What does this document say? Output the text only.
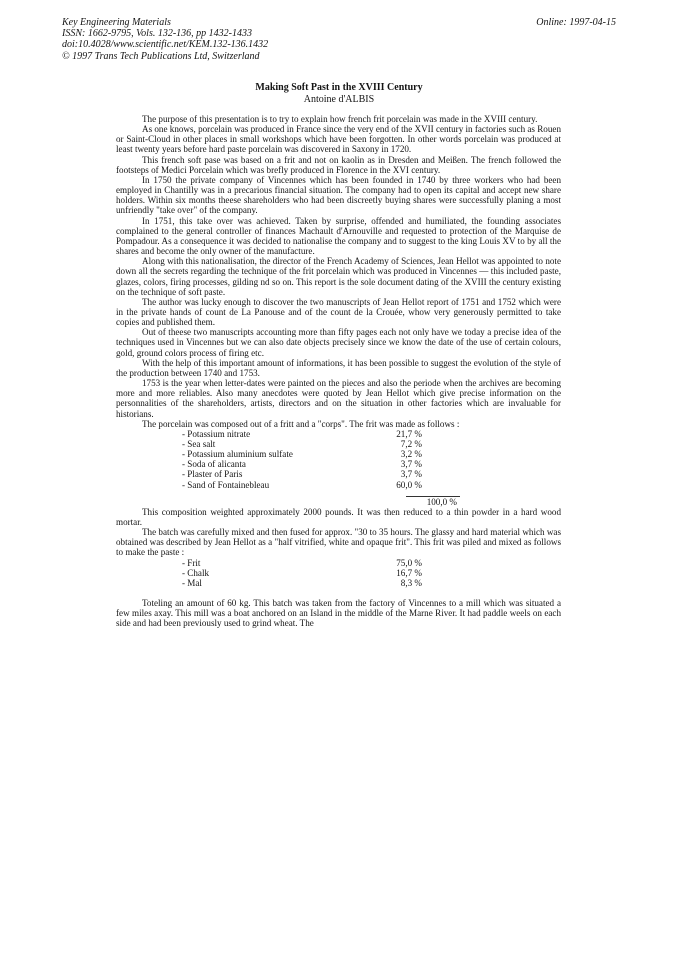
Key Engineering Materials
ISSN: 1662-9795, Vols. 132-136, pp 1432-1433
doi:10.4028/www.scientific.net/KEM.132-136.1432
© 1997 Trans Tech Publications Ltd, Switzerland
Online: 1997-04-15
Making Soft Past in the XVIII Century
Antoine d'ALBIS

The purpose of this presentation is to try to explain how french frit porcelain was made in the XVIII century.

As one knows, porcelain was produced in France since the very end of the XVII century in factories such as Rouen or Saint-Cloud in other places in small workshops which have been forgotten. In other words porcelain was produced at least twenty years before hard paste porcelain was discovered in Saxony in 1720.

This french soft pase was based on a frit and not on kaolin as in Dresden and Meißen. The french followed the footsteps of Medici Porcelain which was brefly produced in Florence in the XVI century.

In 1750 the private company of Vincennes which has been founded in 1740 by three workers who had been employed in Chantilly was in a precarious financial situation. The company had to open its capital and accept new share holders. Within six months theese shareholders who had been discreetly buying shares were successfully planing a most unfriendly "take over" of the company.

In 1751, this take over was achieved. Taken by surprise, offended and humiliated, the founding associates complained to the general controller of finances Machault d'Arnouville and requested to protection of the Marquise de Pompadour. As a consequence it was decided to nationalise the company and to suggest to the king Louis XV to by all the shares and become the only owner of the manufacture.

Along with this nationalisation, the director of the French Academy of Sciences, Jean Hellot was appointed to note down all the secrets regarding the technique of the frit porcelain which was produced in Vincennes — this included paste, glazes, colors, firing processes, gilding nd so on. This report is the sole document dating of the XVIII the century existing on the technique of soft paste.

The author was lucky enough to discover the two manuscripts of Jean Hellot report of 1751 and 1752 which were in the private hands of count de La Panouse and of the count de la Crouée, whow very generously permitted to take copies and published them.

Out of theese two manuscripts accounting more than fifty pages each not only have we today a precise idea of the techniques used in Vincennes but we can also date objects precisely since we know the date of the use of certain colours, gold, ground colors process of firing etc.

With the help of this important amount of informations, it has been possible to suggest the evolution of the style of the production between 1740 and 1753.

1753 is the year when letter-dates were painted on the pieces and also the periode when the archives are becoming more and more reliables. Also many anecdotes were quoted by Jean Hellot which give precise information on the personnalities of the shareholders, artists, directors and on the situation in other factories which are invaluable for historians.

The porcelain was composed out of a fritt and a "corps". The frit was made as follows :

- Potassium nitrate	21,7 %
- Sea salt	7,2 %
- Potassium aluminium sulfate	3,2 %
- Soda of alicanta	3,7 %
- Plaster of Paris	3,7 %
- Sand of Fontainebleau	60,0 %
100,0 %

This composition weighted approximately 2000 pounds. It was then reduced to a thin powder in a hard wood mortar.

The batch was carefully mixed and then fused for approx. "30 to 35 hours. The glassy and hard material which was obtained was described by Jean Hellot as a "half vitrified, white and opaque frit". This frit was piled and mixed as follows to make the paste :

- Frit	75,0 %
- Chalk	16,7 %
- Mal	8,3 %

Toteling an amount of 60 kg. This batch was taken from the factory of Vincennes to a mill which was situated a few miles axay. This mill was a boat anchored on an Island in the middle of the Marne River. It had paddle weels on each side and had been previously used to grind wheat. The
